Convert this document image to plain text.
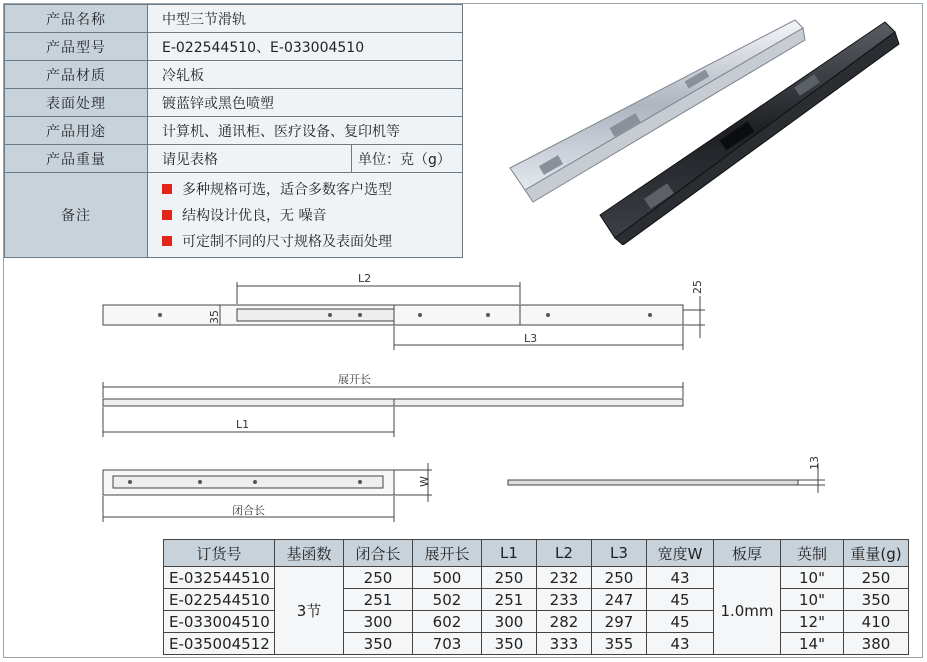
产品名称	中型三节滑轨	
产品型号	E-022544510、E-033004510	
产品材质	冷轧板	
表面处理	镀蓝锌或黑色喷塑	
产品用途	计算机、通讯柜、医疗设备、复印机等	
产品重量	请见表格	单位：克（g）
备注	多种规格可选，适合多数客户选型
结构设计优良，无 噪音
可定制不同的尺寸规格及表面处理	
L2
L3
35
25
展开长
L1
闭合长
W
13
订货号	基函数	闭合长	展开长	L1	L2	L3	宽度W	板厚	英制	重量(g)
E-032544510	3节	250	500	250	232	250	43	1.0mm	10"	250
E-022544510		251	502	251	233	247	45		10"	350
E-033004510		300	602	300	282	297	45		12"	410
E-035004512		350	703	350	333	355	43		14"	380
